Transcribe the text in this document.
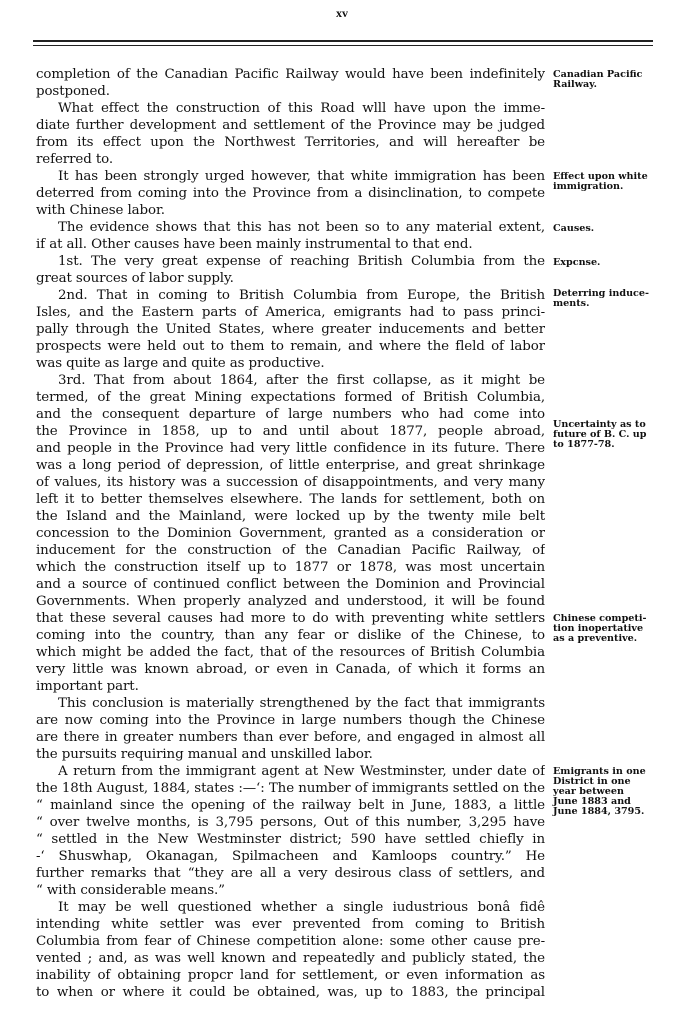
xv
completion of the Canadian Pacific Railway would have been indefinitely
postponed.
What effect the construction of this Road wlll have upon the imme-
diate further development and settlement of the Province may be judged
from its effect upon the Northwest Territories, and will hereafter be
referred to.
It has been strongly urged however, that white immigration has been
deterred from coming into the Province from a disinclination, to compete
with Chinese labor.
The evidence shows that this has not been so to any material extent,
if at all. Other causes have been mainly instrumental to that end.
1st. The very great expense of reaching British Columbia from the
great sources of labor supply.
2nd. That in coming to British Columbia from Europe, the British
Isles, and the Eastern parts of America, emigrants had to pass princi-
pally through the United States, where greater inducements and better
prospects were held out to them to remain, and where the fleld of labor
was quite as large and quite as productive.
3rd. That from about 1864, after the first collapse, as it might be
termed, of the great Mining expectations formed of British Columbia,
and the consequent departure of large numbers who had come into
the Province in 1858, up to and until about 1877, people abroad,
and people in the Province had very little confidence in its future. There
was a long period of depression, of little enterprise, and great shrinkage
of values, its history was a succession of disappointments, and very many
left it to better themselves elsewhere. The lands for settlement, both on
the Island and the Mainland, were locked up by the twenty mile belt
concession to the Dominion Government, granted as a consideration or
inducement for the construction of the Canadian Pacific Railway, of
which the construction itself up to 1877 or 1878, was most uncertain
and a source of continued conflict between the Dominion and Provincial
Governments. When properly analyzed and understood, it will be found
that these several causes had more to do with preventing white settlers
coming into the country, than any fear or dislike of the Chinese, to
which might be added the fact, that of the resources of British Columbia
very little was known abroad, or even in Canada, of which it forms an
important part.
This conclusion is materially strengthened by the fact that immigrants
are now coming into the Province in large numbers though the Chinese
are there in greater numbers than ever before, and engaged in almost all
the pursuits requiring manual and unskilled labor.
A return from the immigrant agent at New Westminster, under date of
the 18th August, 1884, states :—‘: The number of immigrants settled on the
“ mainland since the opening of the railway belt in June, 1883, a little
“ over twelve months, is 3,795 persons, Out of this number, 3,295 have
“ settled in the New Westminster district; 590 have settled chiefly in
-‘ Shuswhap, Okanagan, Spilmacheen and Kamloops country.” He
further remarks that “they are all a very desirous class of settlers, and
“ with considerable means.”
It may be well questioned whether a single iudustrious bonâ fidê
intending white settler was ever prevented from coming to British
Columbia from fear of Chinese competition alone: some other cause pre-
vented ; and, as was well known and repeatedly and publicly stated, the
inability of obtaining propcr land for settlement, or even information as
to when or where it could be obtained, was, up to 1883, the principal
Canadian Pacific
Railway.
Effect upon white
immigration.
Causes.
Expcnse.
Deterring induce-
ments.
Uncertainty as to
future of B. C. up
to 1877-78.
Chinese competi-
tion inopertative
as a preventive.
Emigrants in one
District in one
year between
June 1883 and
June 1884, 3795.
